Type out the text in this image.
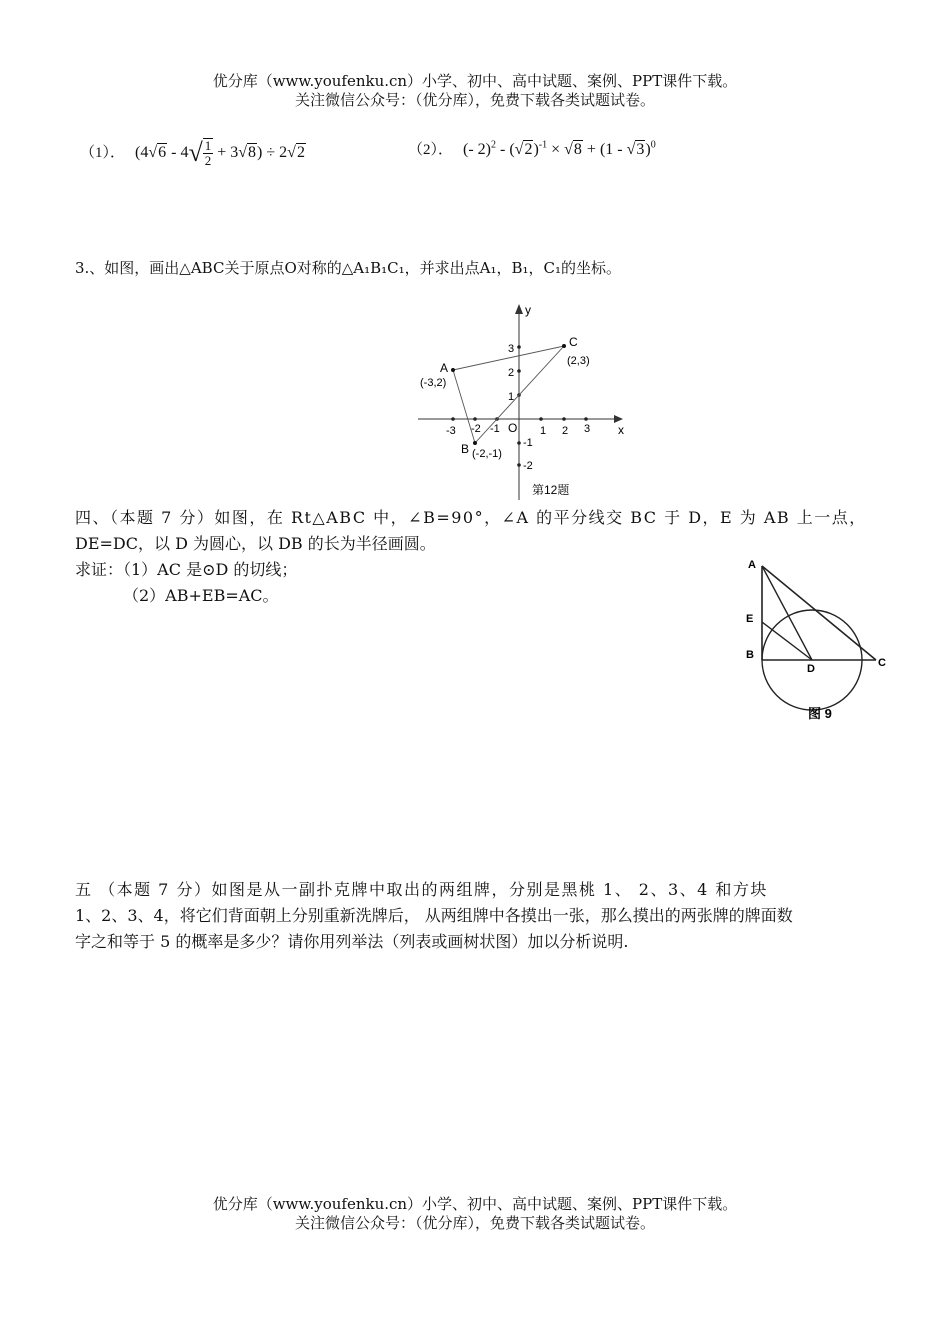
优分库（www.youfenku.cn）小学、初中、高中试题、案例、PPT课件下载。
关注微信公众号：（优分库），免费下载各类试题试卷。
（1）． $(4√6 - 4√ \frac{1}{2} + 3√8) \div 2√2$	（2）． (- $2)^2 - (√2)^{-1} \times √8 + (1 - √3)^0$
3.、如图，画出△ABC关于原点O对称的△A₁B₁C₁，并求出点A₁，B₁，C₁的坐标。
x
y
O
-3 -2 -1	1 2 3
3
2
1
-1
-2
A
(-3,2)
B (-2,-1)
C
(2,3)
第12题
四、（本题 7 分）如图，在 Rt△ABC 中，∠B=90°，∠A 的平分线交 BC 于 D，E 为 AB 上一点，
DE=DC，以 D 为圆心，以 DB 的长为半径画圆。
求证：（1）AC 是⊙D 的切线；
（2）AB+EB=AC。
A
E
B
D	C
图 9
五 （本题 7 分）如图是从一副扑克牌中取出的两组牌，分别是黑桃 1、 2、3、4 和方块
1、2、3、4，将它们背面朝上分别重新洗牌后， 从两组牌中各摸出一张，那么摸出的两张牌的牌面数
字之和等于 5 的概率是多少？请你用列举法（列表或画树状图）加以分析说明.
优分库（www.youfenku.cn）小学、初中、高中试题、案例、PPT课件下载。
关注微信公众号：（优分库），免费下载各类试题试卷。
